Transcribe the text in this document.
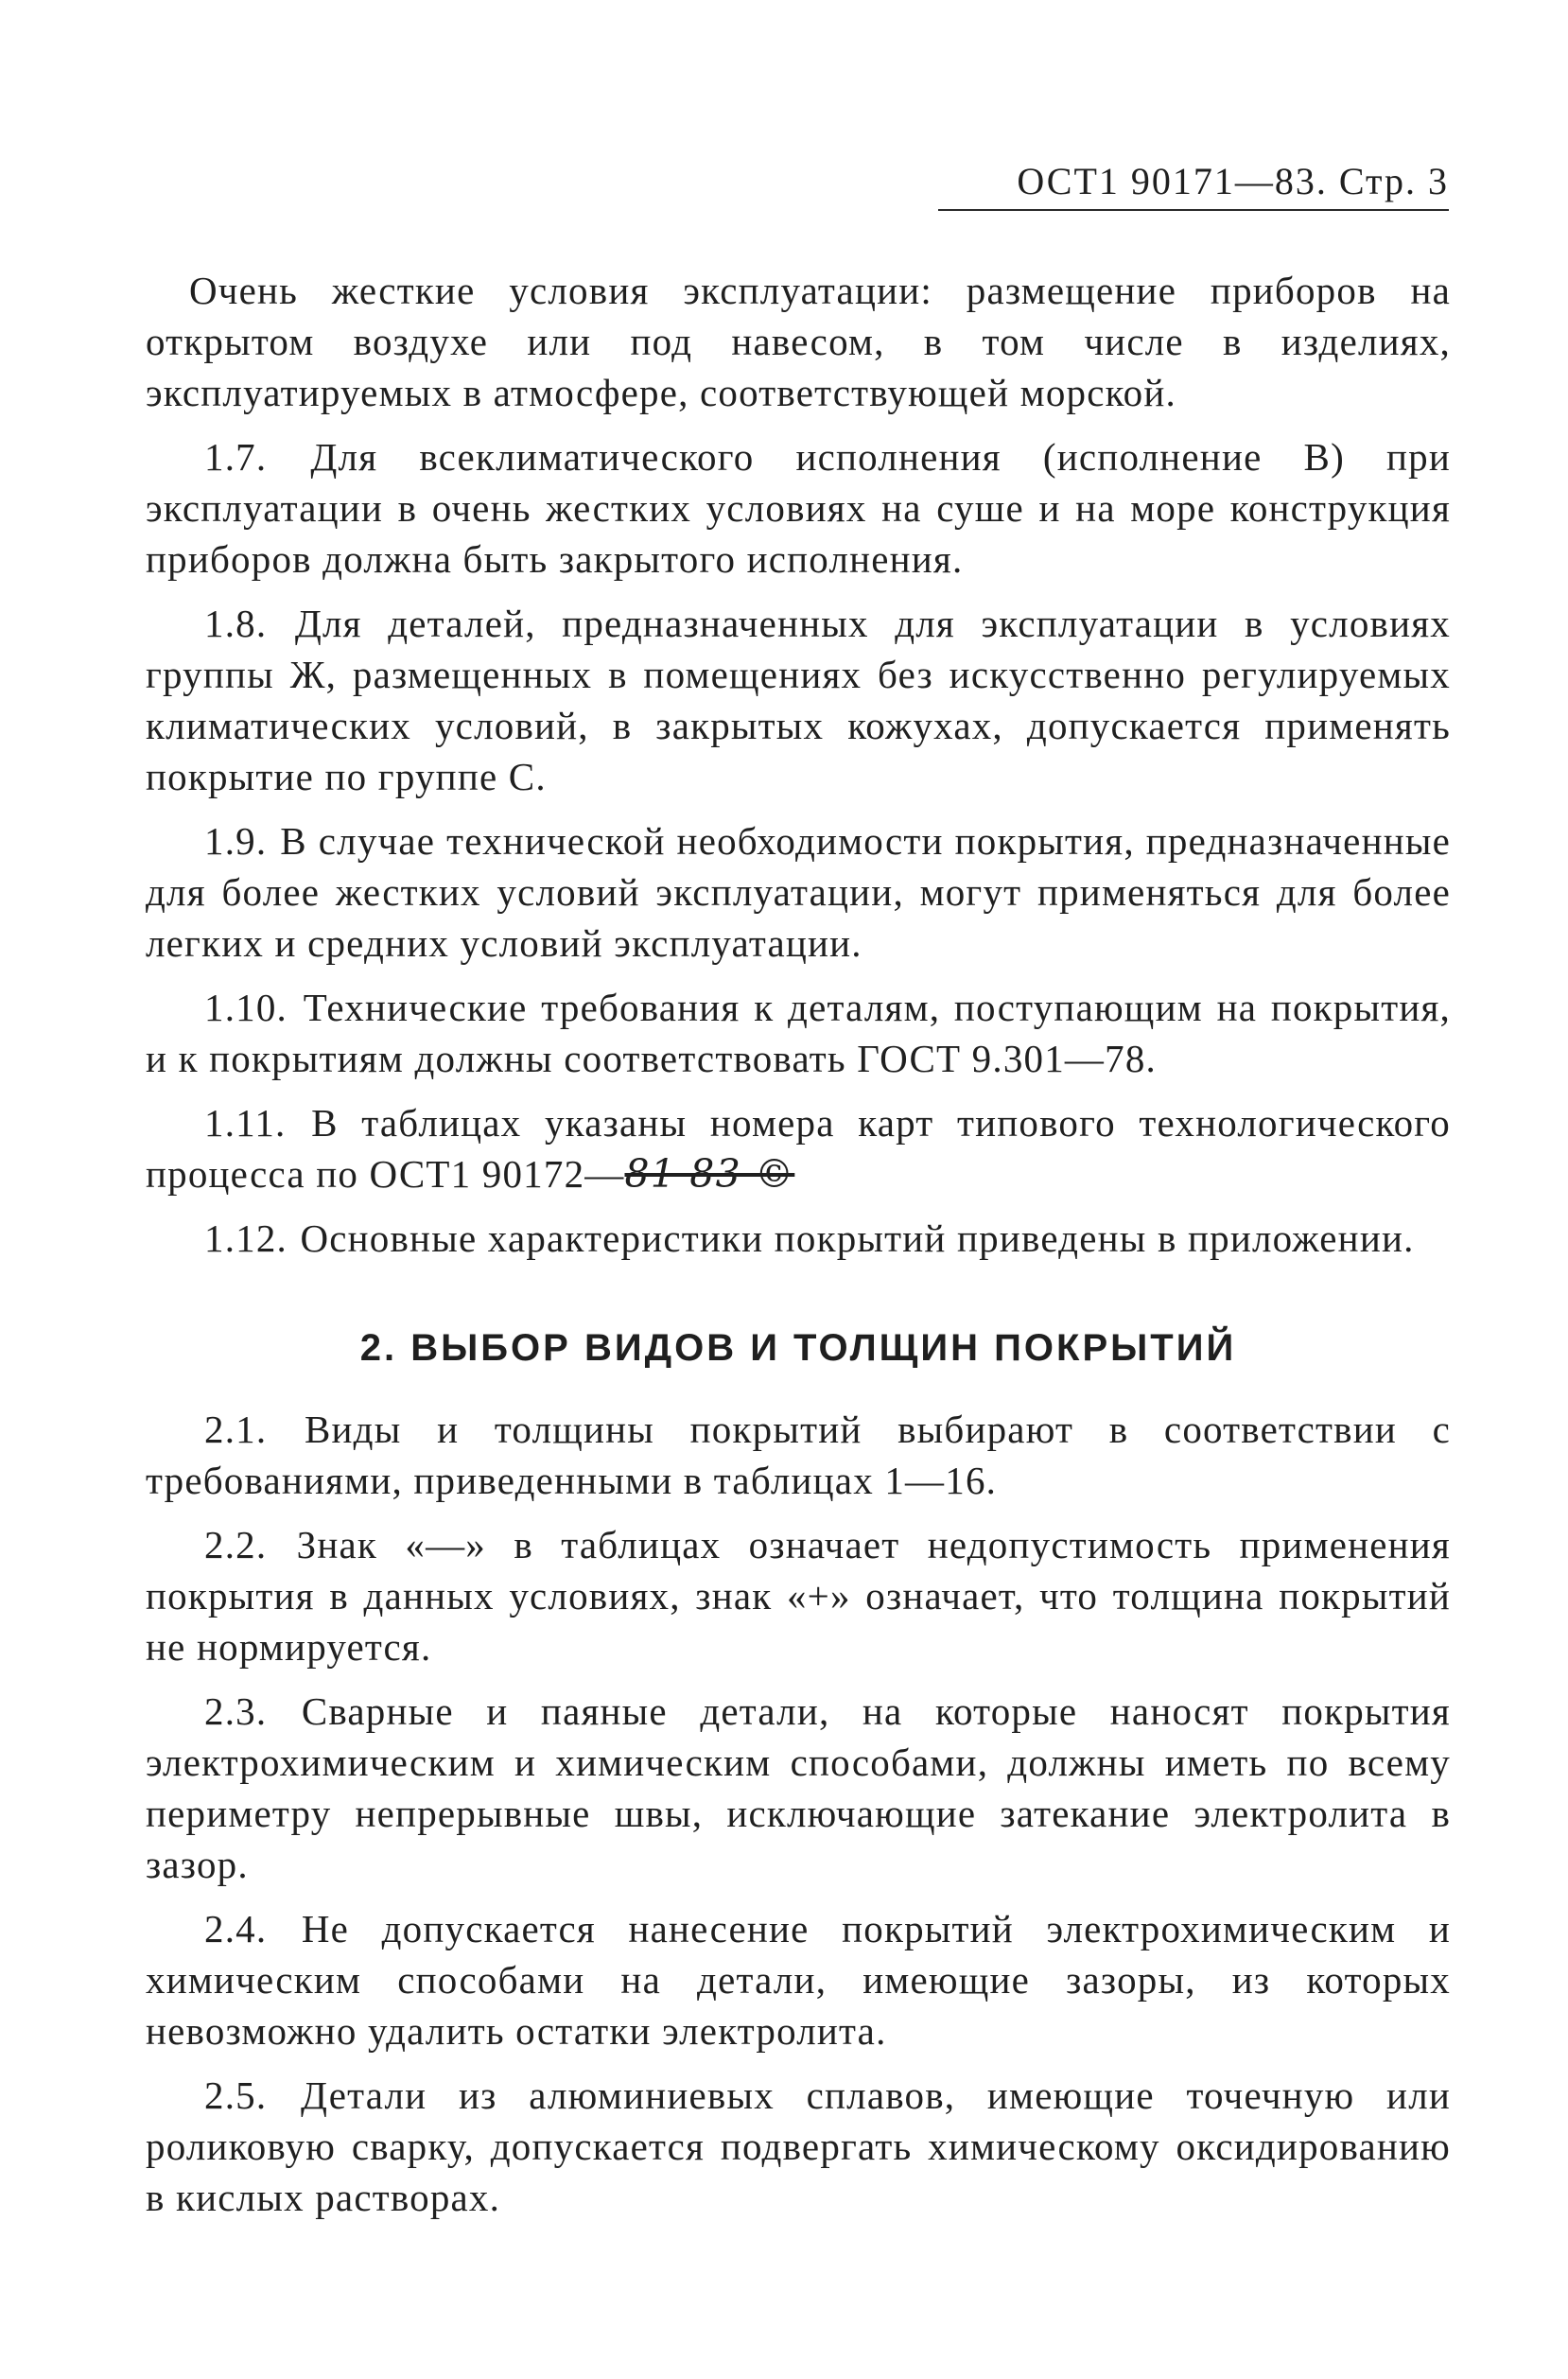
ОСТ1 90171—83. Стр. 3

Очень жесткие условия эксплуатации: размещение приборов на открытом воздухе или под навесом, в том числе в изделиях, эксплуатируемых в атмосфере, соответствующей морской.

1.7. Для всеклиматического исполнения (исполнение В) при эксплуатации в очень жестких условиях на суше и на море конструкция приборов должна быть закрытого исполнения.

1.8. Для деталей, предназначенных для эксплуатации в условиях группы Ж, размещенных в помещениях без искусственно регулируемых климатических условий, в закрытых кожухах, допускается применять покрытие по группе С.

1.9. В случае технической необходимости покрытия, предназначенные для более жестких условий эксплуатации, могут применяться для более легких и средних условий эксплуатации.

1.10. Технические требования к деталям, поступающим на покрытия, и к покрытиям должны соответствовать ГОСТ 9.301—78.

1.11. В таблицах указаны номера карт типового технологического процесса по ОСТ1 90172—81 83 ©

1.12. Основные характеристики покрытий приведены в приложении.

2. ВЫБОР ВИДОВ И ТОЛЩИН ПОКРЫТИЙ

2.1. Виды и толщины покрытий выбирают в соответствии с требованиями, приведенными в таблицах 1—16.

2.2. Знак «—» в таблицах означает недопустимость применения покрытия в данных условиях, знак «+» означает, что толщина покрытий не нормируется.

2.3. Сварные и паяные детали, на которые наносят покрытия электрохимическим и химическим способами, должны иметь по всему периметру непрерывные швы, исключающие затекание электролита в зазор.

2.4. Не допускается нанесение покрытий электрохимическим и химическим способами на детали, имеющие зазоры, из которых невозможно удалить остатки электролита.

2.5. Детали из алюминиевых сплавов, имеющие точечную или роликовую сварку, допускается подвергать химическому оксидированию в кислых растворах.
